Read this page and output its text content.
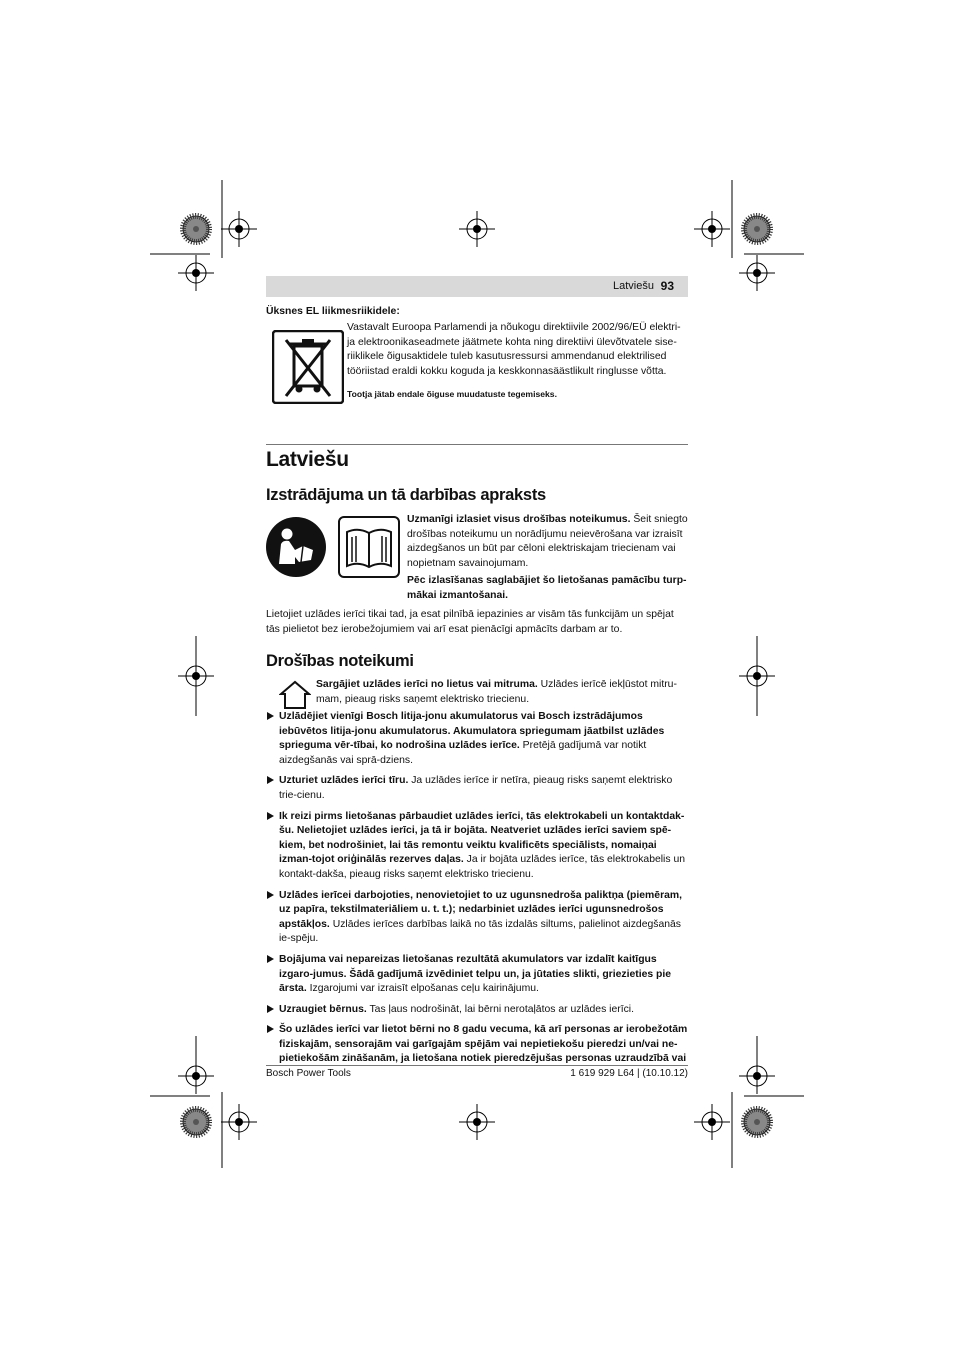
Latviešu 93
Üksnes EL liikmesriikidele:
Vastavalt Euroopa Parlamendi ja nõukogu direktiivile 2002/96/EÜ elektri-ja elektroonikaseadmete jäätmete kohta ning direktiivi ülevõtvatele sise-riiklikele õigusaktidele tuleb kasutusressursi ammendanud elektrilised tööriistad eraldi kokku koguda ja keskkonnasäästlikult ringlusse võtta.
Tootja jätab endale õiguse muudatuste tegemiseks.
Latviešu
Izstrādājuma un tā darbības apraksts
Uzmanīgi izlasiet visus drošības noteikumus. Šeit sniegto drošības noteikumu un norādījumu neievērošana var izraisīt aizdegšanos un būt par cēloni elektriskajam triecienam vai nopietnam savainojumam.
Pēc izlasīšanas saglabājiet šo lietošanas pamācību turp-mākai izmantošanai.
Lietojiet uzlādes ierīci tikai tad, ja esat pilnībā iepazinies ar visām tās funkcijām un spējat tās pielietot bez ierobežojumiem vai arī esat pienācīgi apmācīts darbam ar to.
Drošības noteikumi
Sargājiet uzlādes ierīci no lietus vai mitruma. Uzlādes ierīcē iekļūstot mitru-mam, pieaug risks saņemt elektrisko triecienu.
Uzlādējiet vienīgi Bosch litija-jonu akumulatorus vai Bosch izstrādājumos iebūvētos litija-jonu akumulatorus. Akumulatora spriegumam jāatbilst uzlādes sprieguma vēr-tībai, ko nodrošina uzlādes ierīce. Pretējā gadījumā var notikt aizdegšanās vai sprā-dziens.
Uzturiet uzlādes ierīci tīru. Ja uzlādes ierīce ir netīra, pieaug risks saņemt elektrisko trie-cienu.
Ik reizi pirms lietošanas pārbaudiet uzlādes ierīci, tās elektrokabeli un kontaktdak-šu. Nelietojiet uzlādes ierīci, ja tā ir bojāta. Neatveriet uzlādes ierīci saviem spē-kiem, bet nodrošiniet, lai tās remontu veiktu kvalificēts speciālists, nomaiņai izman-tojot oriģinālās rezerves daļas. Ja ir bojāta uzlādes ierīce, tās elektrokabelis un kontakt-dakša, pieaug risks saņemt elektrisko triecienu.
Uzlādes ierīcei darbojoties, nenovietojiet to uz ugunsnedroša paliktņa (piemēram, uz papīra, tekstilmateriāliem u. t. t.); nedarbiniet uzlādes ierīci ugunsnedrošos apstākļos. Uzlādes ierīces darbības laikā no tās izdalās siltums, palielinot aizdegšanās ie-spēju.
Bojājuma vai nepareizas lietošanas rezultātā akumulators var izdalīt kaitīgus izgaro-jumus. Šādā gadījumā izvēdiniet telpu un, ja jūtaties slikti, griezieties pie ārsta. Izgarojumi var izraisīt elpošanas ceļu kairinājumu.
Uzraugiet bērnus. Tas ļaus nodrošināt, lai bērni nerotaļātos ar uzlādes ierīci.
Šo uzlādes ierīci var lietot bērni no 8 gadu vecuma, kā arī personas ar ierobežotām fiziskajām, sensorajām vai garīgajām spējām vai nepietiekošu pieredzi un/vai ne-pietiekošām zināšanām, ja lietošana notiek pieredzējušas personas uzraudzībā vai
Bosch Power Tools	1 619 929 L64 | (10.10.12)
